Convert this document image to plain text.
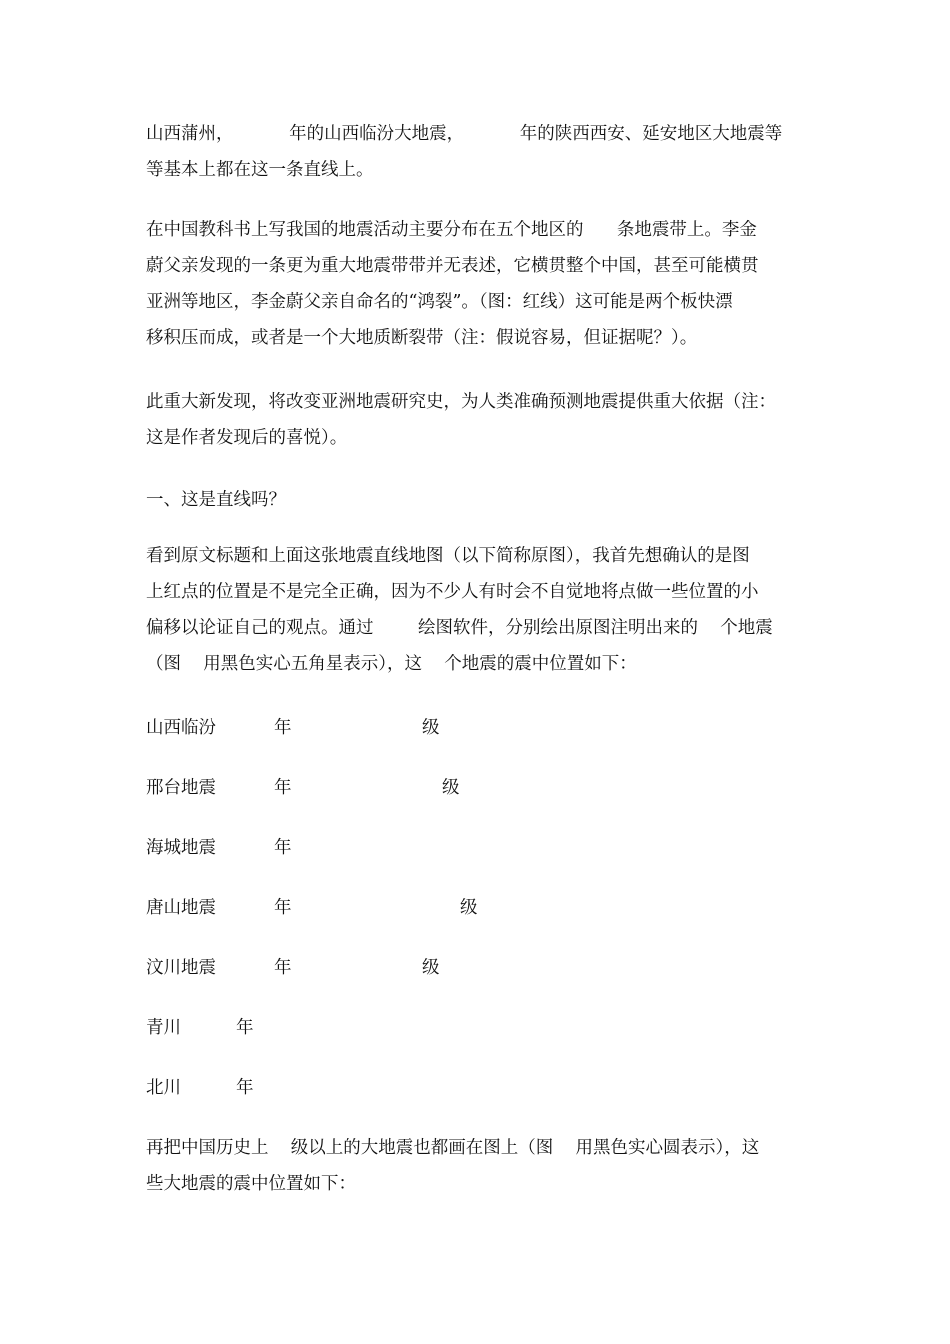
山西蒲州，          年的山西临汾大地震，          年的陕西西安、延安地区大地震等
等基本上都在这一条直线上。

在中国教科书上写我国的地震活动主要分布在五个地区的      条地震带上。李金
蔚父亲发现的一条更为重大地震带带并无表述，它横贯整个中国，甚至可能横贯
亚洲等地区，李金蔚父亲自命名的“鸿裂”。（图：红线）这可能是两个板快漂
移积压而成，或者是一个大地质断裂带（注：假说容易，但证据呢？）。

此重大新发现，将改变亚洲地震研究史，为人类准确预测地震提供重大依据（注：
这是作者发现后的喜悦）。

一、这是直线吗？

看到原文标题和上面这张地震直线地图（以下简称原图），我首先想确认的是图
上红点的位置是不是完全正确，因为不少人有时会不自觉地将点做一些位置的小
偏移以论证自己的观点。通过        绘图软件，分别绘出原图注明出来的    个地震
（图    用黑色实心五角星表示），这    个地震的震中位置如下：

山西临汾	年	级
邢台地震	年	级
海城地震	年
唐山地震	年	级
汶川地震	年	级
青川	年
北川	年

再把中国历史上    级以上的大地震也都画在图上（图    用黑色实心圆表示），这
些大地震的震中位置如下：
